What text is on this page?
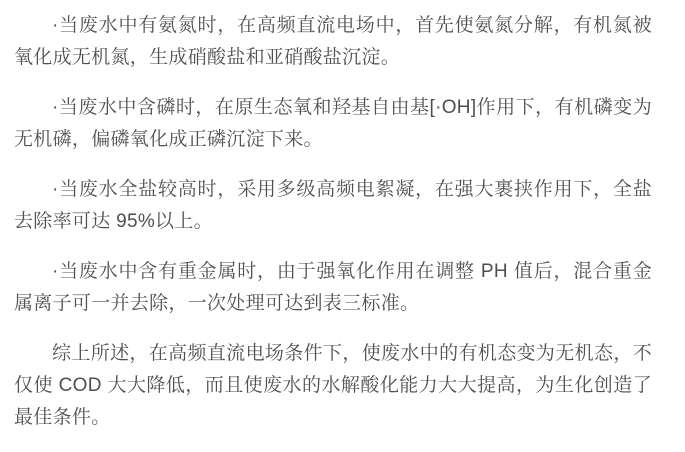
·当废水中有氨氮时，在高频直流电场中，首先使氨氮分解，有机氮被氧化成无机氮，生成硝酸盐和亚硝酸盐沉淀。

·当废水中含磷时，在原生态氧和羟基自由基[·OH]作用下，有机磷变为无机磷，偏磷氧化成正磷沉淀下来。

·当废水全盐较高时，采用多级高频电絮凝，在强大裹挟作用下，全盐去除率可达 95%以上。

·当废水中含有重金属时，由于强氧化作用在调整 PH 值后，混合重金属离子可一并去除，一次处理可达到表三标准。

综上所述，在高频直流电场条件下，使废水中的有机态变为无机态，不仅使 COD 大大降低，而且使废水的水解酸化能力大大提高，为生化创造了最佳条件。
